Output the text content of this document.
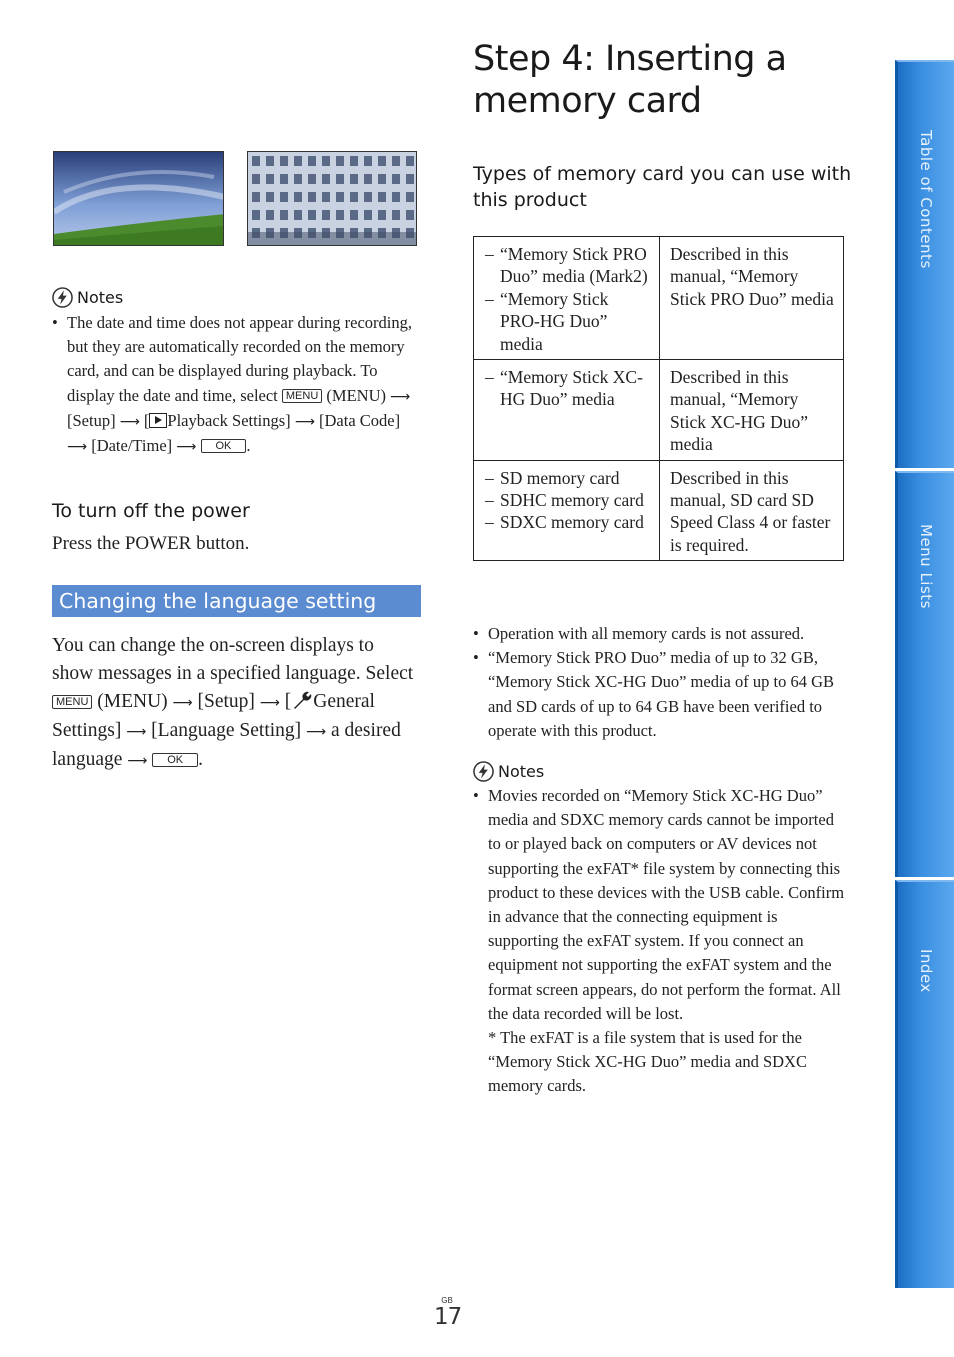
Step 4: Inserting a
memory card
Notes
• The date and time does not appear during recording, but they are automatically recorded on the memory card, and can be displayed during playback. To display the date and time, select MENU (MENU) ⟶ [Setup] ⟶ [ Playback Settings] ⟶ [Data Code] ⟶ [Date/Time] ⟶ OK .
To turn off the power
Press the POWER button.
Changing the language setting
You can change the on-screen displays to show messages in a specified language. Select MENU (MENU) ⟶ [Setup] ⟶ [ General Settings] ⟶ [Language Setting] ⟶ a desired language ⟶ OK .
Types of memory card you can use with this product
– “Memory Stick PRO Duo” media (Mark2)
– “Memory Stick PRO-HG Duo” media	Described in this manual, “Memory Stick PRO Duo” media

– “Memory Stick XC-HG Duo” media	Described in this manual, “Memory Stick XC-HG Duo” media

– SD memory card
– SDHC memory card
– SDXC memory card	Described in this manual, SD card SD Speed Class 4 or faster is required.
• Operation with all memory cards is not assured.
• “Memory Stick PRO Duo” media of up to 32 GB, “Memory Stick XC-HG Duo” media of up to 64 GB and SD cards of up to 64 GB have been verified to operate with this product.
Notes
• Movies recorded on “Memory Stick XC-HG Duo” media and SDXC memory cards cannot be imported to or played back on computers or AV devices not supporting the exFAT* file system by connecting this product to these devices with the USB cable. Confirm in advance that the connecting equipment is supporting the exFAT system. If you connect an equipment not supporting the exFAT system and the format screen appears, do not perform the format. All the data recorded will be lost.
* The exFAT is a file system that is used for the “Memory Stick XC-HG Duo” media and SDXC memory cards.
Table of Contents
Menu Lists
Index
GB
17
